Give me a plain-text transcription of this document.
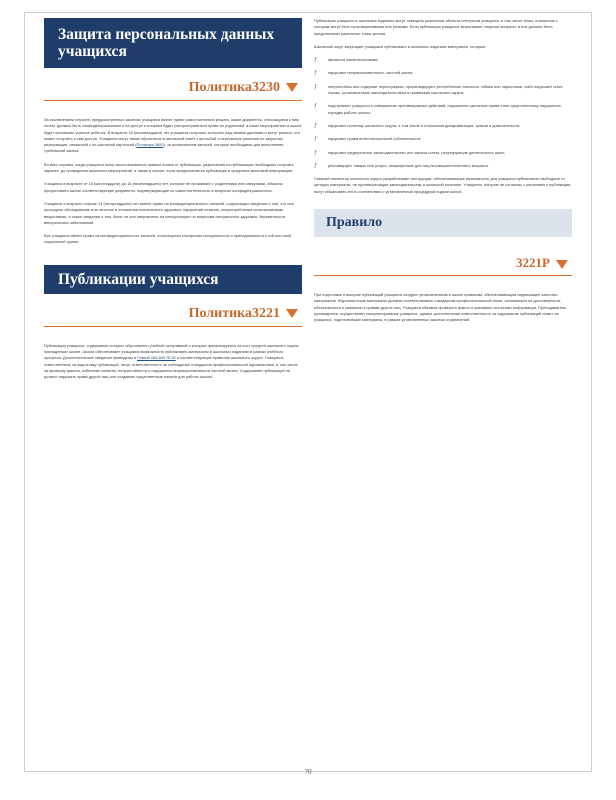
Защита персональных данных учащихся
Политика3230

За исключением случаев, предусмотренных законом, учащиеся имеют право самостоятельно решать, какие документы, относящиеся к ним лично, должны быть конфиденциальными и на доступ к которым будет распространяться право их родителей, в каких мероприятиях в школе будет принимать участие ребенок. В возрасте 18 (восемнадцати) лет учащиеся получают контроль над своими данными и могут решать, кто может получить к ним доступ. Учащиеся могут также обратиться в школьный совет с просьбой о пересмотре решения по закрытию информации, связанной с их школьной карточкой (Политика 3600), за исключением записей, которые необходимы для выполнения требований закона.

Во всех случаях, когда учащиеся могут воспользоваться правом отказа от публикации, разрешения на публикацию необходимо получать заранее, до проведения школьных мероприятий, а также в случае, если предполагается публикация в средствах массовой информации.

Учащиеся в возрасте от 16 (шестнадцати) до 18 (восемнадцати) лет, которые не проживают с родителями или опекунами, обязаны предоставить школе соответствующие документы, подтверждающие их самостоятельность в вопросах конфиденциальности.

Учащиеся в возрасте старше 14 (четырнадцати) лет имеют право на конфиденциальность записей, содержащих сведения о том, что они проходили обследование или лечение в отношении психического здоровья, нарушений питания, злоупотребления психоактивными веществами, а также сведения о том, были ли они направлены на консультацию по вопросам сексуального здоровья, беременности, венерических заболеваний.

Все учащиеся имеют право на конфиденциальность записей, относящихся к вопросам сексуальности и принадлежности к той или иной социальной группе.

Публикации учащихся
Политика3221

Публикации учащихся, содержание которых обусловлено учебной программой и которые финансируются за счет средств школьного округа, принадлежат школе. Школа обеспечивает учащимся возможность публиковать материалы в школьных изданиях в рамках учебного процесса. Дополнительные сведения приведены в Главой 28A.600 RCW и соответствующих правилах школьного округа. Учащиеся, ответственные за подготовку публикаций, несут ответственность за соблюдение стандартов профессиональной журналистики, в том числе за проверку фактов, избегание клеветы, непристойности и нарушения неприкосновенности частной жизни. Содержание публикаций не должно нарушать права других лиц или создавать существенные помехи для работы школы.

Публикации учащихся в школьных изданиях могут освещать различные области интересов учащихся, в том числе темы, отношения к которым могут быть противоречивыми или резкими. Если публикации учащихся затрагивают спорные вопросы, в них должны быть представлены различные точки зрения.

Школьный округ запрещает учащимся публиковать в школьных изданиях материалы, которые:

ƒ	являются клеветническими;
ƒ	нарушают неприкосновенность частной жизни;
ƒ	непристойны или содержат порнографию, пропагандируют употребление алкоголя, табака или наркотиков, либо нарушают иные нормы, установленные законодательством и правилами школьного округа;
ƒ	подстрекают учащихся к совершению противоправных действий, нарушению школьных правил или существенному нарушению порядка работы школы;
ƒ	нарушают политику школьного округа, в том числе в отношении дискриминации, травли и домогательств;
ƒ	нарушают права интеллектуальной собственности;
ƒ	нарушают федеральное законодательство или законы штата, регулирующие деятельность школ;
ƒ	рекламируют товары или услуги, запрещенные для лиц несовершеннолетнего возраста.

Главный инспектор школьного округа разрабатывает инструкции, обеспечивающие возможность для учащихся публиковать свободные от цензуры материалы, не противоречащие законодательству и школьной политике. Учащиеся, которые не согласны с решением о публикации, могут обжаловать его в соответствии с установленной процедурой подачи жалоб.

Правило
3221P

При подготовке и выпуске публикаций учащиеся следуют установленным в школе правилам, обеспечивающим надлежащее качество материалов. Журналистские материалы должны соответствовать стандартам профессиональной этики, основанным на достоверности, объективности и уважении к правам других лиц. Учащиеся обязаны проверять факты и указывать источники информации. Преподаватель-руководитель осуществляет консультирование учащихся, однако окончательная ответственность за содержание публикаций лежит на учащихся, подготовивших материалы, в рамках установленных законом ограничений.

70
